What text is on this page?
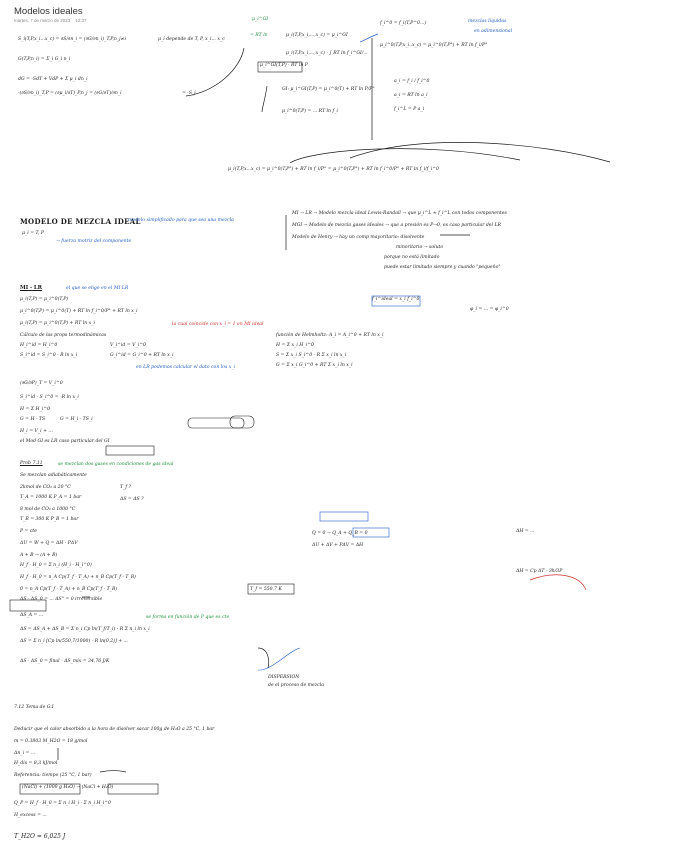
Modelos ideales
martes, 7 de marzo de 2023 12:37
S_i(T,P,x_i...x_c) = ∂S/∂n_i = (∂G/∂n_i)_T,P,n_j≠i
G(T,P,n_i) = Σ_i G_i n_i
dG = -SdT + VdP + Σ μ_i dn_i
-(∂S/∂n_i)_T,P = (∂μ_i/∂T)_P,n_j = (∂G/∂T)/∂n_i	= -S_i
μ_i depende de T, P, x_i... x_c
μ_i^GI
= RT ln	μ_i(T,P,x_i,...,x_c) = μ_i^GI
μ_i(T,P,x_i,...,x_c) - ∫ RT ln f_i^GI/...
μ_i^GI(T,P) · RT ln P
GI: μ_i^GI(T,P) = μ_i^0(T) + RT ln P/P°
μ_i^0(T,P) = ... RT ln f_i
mezclas líquidas
en adimensional
f_i^0 = f_i(T,P^0...)
μ_i^0(T,P,x_i..x_c) = μ_i^0(T,P°) + RT ln f_i/P°
a_i = f_i / f_i^0
a_i = RT ln a_i
f_i^L = P a_i
μ_i(T,P,x...x_c) = μ_i^0(T,P°) + RT ln f_i/P° = μ_i^0(T,P°) + RT ln f_i^0/P° + RT ln f_i/f_i^0
MODELO DE MEZCLA IDEAL
modelo simplificado para que sea una mezcla
μ_i = T, P
→ fuerza motriz del componente
MI → LR → Modelo mezcla ideal Lewis-Randall → que μ_i^L ≈ f_i^L con todos componentes
MGI → Modelo de mezcla gases ideales → que a presión es P→0, es caso particular del LR
Modelo de Henry → hay un comp mayoritario: disolvente
minoritario → soluto
porque no está limitado
puede estar limitado siempre y cuando "pequeño"
MI - LR	el que se elige en el MI LR
μ_i(T,P) = μ_i^0(T,P)
μ_i^0(T,P) = μ_i^0(T) + RT ln f_i^0/P° + RT ln x_i
μ_i(T,P) = μ_i^0(T,P) + RT ln x_i
f_i^ideal = x_i f_i^0
la cual coincide con x_i = 1 en MI ideal
φ_i = ... = φ_i^0
Cálculo de las props termodinámicas
H_i^id = H_i^0	V_i^id = V_i^0
S_i^id = S_i^0 - R ln x_i	G_i^id = G_i^0 + RT ln x_i
función de Helmholtz: A_i = A_i^0 + RT ln x_i
H = Σ x_i H_i^0
S = Σ x_i S_i^0 - R Σ x_i ln x_i
G = Σ x_i G_i^0 + RT Σ x_i ln x_i
en LR podemos calcular el dato con los x_i
(∂G/∂P)_T = V_i^0
S_i^id - S_i^0 = -R ln x_i
H = Σ H_i^0
G = H - TS	G = H_i - TS_i
H_i = V_i + ...
el Mod GI es LR caso particular del GI
Prob 7.11	se mezclan dos gases en condiciones de gas ideal
Se mezclan adiabáticamente
2kmol de CO₂ a 20 °C
T_A = 1000 K P_A = 1 bar
8 mol de CO₂ a 1000 °C
T_B = 300 K P_B = 1 bar
T_f ?
ΔS = ΔS ?
P = cte
ΔU = W + Q = ΔH - PΔV
A + B → (A + B)
H_f - H_0 = Σ n_i (H_i - H_i^0)
H_f - H_0 = n_A Cp(T_f - T_A) + n_B Cp(T_f - T_B)
0 = n_A Cp(T_f - T_A) + n_B Cp(T_f - T_B)	T_f = 550,7 K
ΔS - ΔS_0 = ... ΔS° = 0 irreversible
ΔS_A = ...	se forma en función de P que es cte
ΔS = ΔS_A + ΔS_B = Σ n_i Cp ln(T_f/T_i) - R Σ n_i ln x_i
ΔS = Σ n_i [Cp ln(550,7/1000) - R ln(0,2)] + ...
ΔS - ΔS_0 = final - ΔS_mix = 34,76 J/K
Q = 0 → Q_A + Q_B = 0
ΔU + ΔV + PΔV = ΔH
ΔH = Cp ΔT - 3h/3P
ΔH = ...
DISPERSION
de el proceso de mezcla
7.12 Tema de G.I
Deducir que el calor absorbido a la hora de disolver sacar 100g de H₂O a 25 °C, 1 bar
m = 0.3803 M_H2O = 18 g/mol
Δn_i = ...
H_dis = 8,3 kJ/mol
Referencia: tiempo (25 °C, 1 bar)
(NaCl) + (1000 g H₂O) → (NaCl + H₂O)
Q_P = H_f - H_0 = Σ n_i H_i - Σ n_i H_i^0
H_excess = ...
T_H2O = 6,025 J
